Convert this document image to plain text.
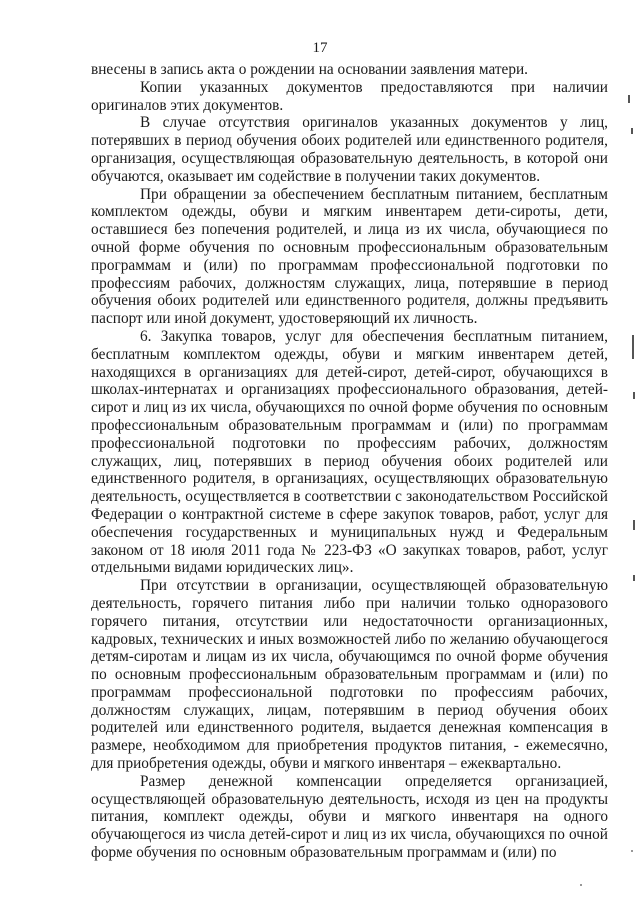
17

внесены в запись акта о рождении на основании заявления матери.

Копии указанных документов предоставляются при наличии оригиналов этих документов.

В случае отсутствия оригиналов указанных документов у лиц, потерявших в период обучения обоих родителей или единственного родителя, организация, осуществляющая образовательную деятельность, в которой они обучаются, оказывает им содействие в получении таких документов.

При обращении за обеспечением бесплатным питанием, бесплатным комплектом одежды, обуви и мягким инвентарем дети-сироты, дети, оставшиеся без попечения родителей, и лица из их числа, обучающиеся по очной форме обучения по основным профессиональным образовательным программам и (или) по программам профессиональной подготовки по профессиям рабочих, должностям служащих, лица, потерявшие в период обучения обоих родителей или единственного родителя, должны предъявить паспорт или иной документ, удостоверяющий их личность.

6. Закупка товаров, услуг для обеспечения бесплатным питанием, бесплатным комплектом одежды, обуви и мягким инвентарем детей, находящихся в организациях для детей-сирот, детей-сирот, обучающихся в школах-интернатах и организациях профессионального образования, детей-сирот и лиц из их числа, обучающихся по очной форме обучения по основным профессиональным образовательным программам и (или) по программам профессиональной подготовки по профессиям рабочих, должностям служащих, лиц, потерявших в период обучения обоих родителей или единственного родителя, в организациях, осуществляющих образовательную деятельность, осуществляется в соответствии с законодательством Российской Федерации о контрактной системе в сфере закупок товаров, работ, услуг для обеспечения государственных и муниципальных нужд и Федеральным законом от 18 июля 2011 года № 223-ФЗ «О закупках товаров, работ, услуг отдельными видами юридических лиц».

При отсутствии в организации, осуществляющей образовательную деятельность, горячего питания либо при наличии только одноразового горячего питания, отсутствии или недостаточности организационных, кадровых, технических и иных возможностей либо по желанию обучающегося детям-сиротам и лицам из их числа, обучающимся по очной форме обучения по основным профессиональным образовательным программам и (или) по программам профессиональной подготовки по профессиям рабочих, должностям служащих, лицам, потерявшим в период обучения обоих родителей или единственного родителя, выдается денежная компенсация в размере, необходимом для приобретения продуктов питания, - ежемесячно, для приобретения одежды, обуви и мягкого инвентаря – ежеквартально.

Размер денежной компенсации определяется организацией, осуществляющей образовательную деятельность, исходя из цен на продукты питания, комплект одежды, обуви и мягкого инвентаря на одного обучающегося из числа детей-сирот и лиц из их числа, обучающихся по очной форме обучения по основным образовательным программам и (или) по
